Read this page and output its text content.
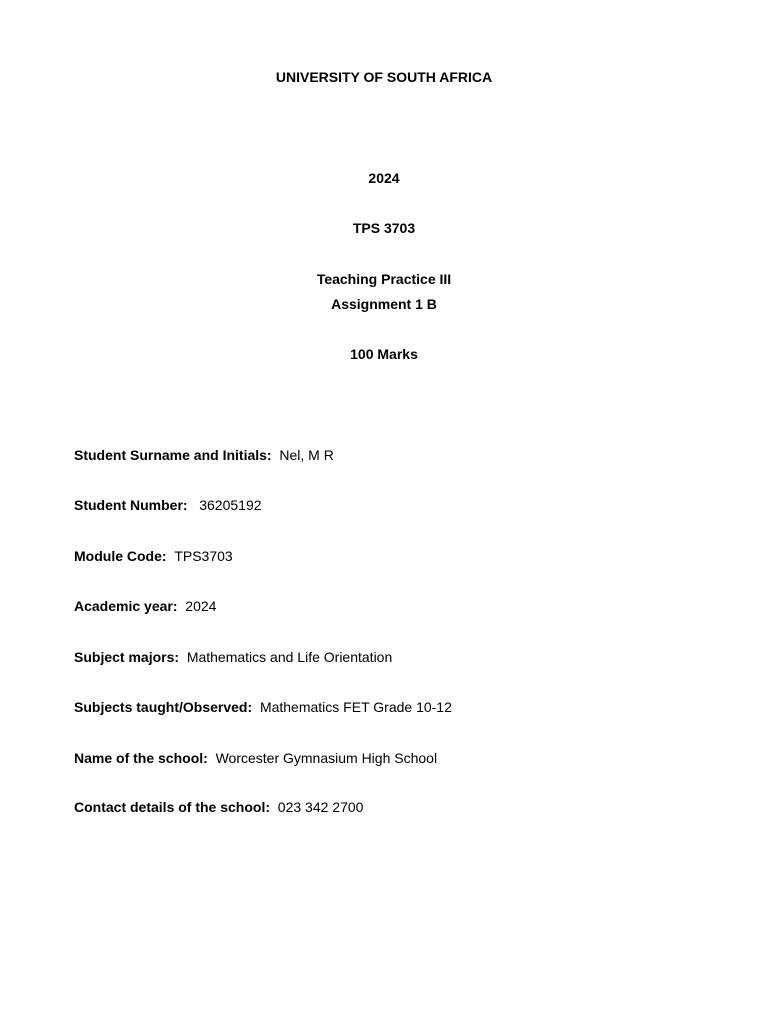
UNIVERSITY OF SOUTH AFRICA

2024

TPS 3703

Teaching Practice III

Assignment 1 B

100 Marks

Student Surname and Initials: Nel, M R

Student Number: 36205192

Module Code: TPS3703

Academic year: 2024

Subject majors: Mathematics and Life Orientation

Subjects taught/Observed: Mathematics FET Grade 10-12

Name of the school: Worcester Gymnasium High School

Contact details of the school: 023 342 2700
